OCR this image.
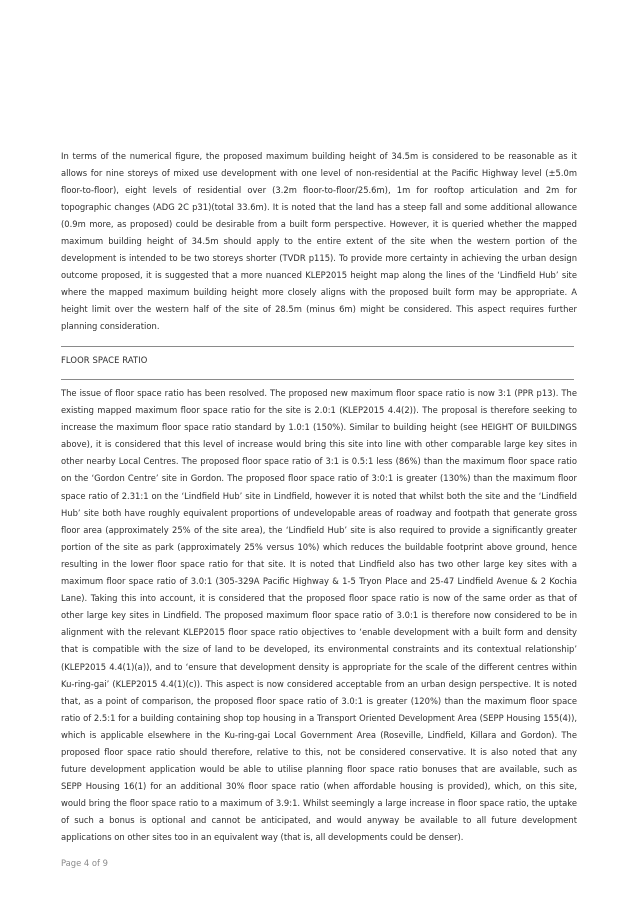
In terms of the numerical figure, the proposed maximum building height of 34.5m is considered to be reasonable as it allows for nine storeys of mixed use development with one level of non-residential at the Pacific Highway level (±5.0m floor-to-floor), eight levels of residential over (3.2m floor-to-floor/25.6m), 1m for rooftop articulation and 2m for topographic changes (ADG 2C p31)(total 33.6m). It is noted that the land has a steep fall and some additional allowance (0.9m more, as proposed) could be desirable from a built form perspective. However, it is queried whether the mapped maximum building height of 34.5m should apply to the entire extent of the site when the western portion of the development is intended to be two storeys shorter (TVDR p115). To provide more certainty in achieving the urban design outcome proposed, it is suggested that a more nuanced KLEP2015 height map along the lines of the ‘Lindfield Hub’ site where the mapped maximum building height more closely aligns with the proposed built form may be appropriate. A height limit over the western half of the site of 28.5m (minus 6m) might be considered. This aspect requires further planning consideration.

FLOOR SPACE RATIO

The issue of floor space ratio has been resolved. The proposed new maximum floor space ratio is now 3:1 (PPR p13). The existing mapped maximum floor space ratio for the site is 2.0:1 (KLEP2015 4.4(2)). The proposal is therefore seeking to increase the maximum floor space ratio standard by 1.0:1 (150%). Similar to building height (see HEIGHT OF BUILDINGS above), it is considered that this level of increase would bring this site into line with other comparable large key sites in other nearby Local Centres. The proposed floor space ratio of 3:1 is 0.5:1 less (86%) than the maximum floor space ratio on the ‘Gordon Centre’ site in Gordon. The proposed floor space ratio of 3:0:1 is greater (130%) than the maximum floor space ratio of 2.31:1 on the ‘Lindfield Hub’ site in Lindfield, however it is noted that whilst both the site and the ‘Lindfield Hub’ site both have roughly equivalent proportions of undevelopable areas of roadway and footpath that generate gross floor area (approximately 25% of the site area), the ‘Lindfield Hub’ site is also required to provide a significantly greater portion of the site as park (approximately 25% versus 10%) which reduces the buildable footprint above ground, hence resulting in the lower floor space ratio for that site. It is noted that Lindfield also has two other large key sites with a maximum floor space ratio of 3.0:1 (305-329A Pacific Highway & 1-5 Tryon Place and 25-47 Lindfield Avenue & 2 Kochia Lane). Taking this into account, it is considered that the proposed floor space ratio is now of the same order as that of other large key sites in Lindfield. The proposed maximum floor space ratio of 3.0:1 is therefore now considered to be in alignment with the relevant KLEP2015 floor space ratio objectives to ‘enable development with a built form and density that is compatible with the size of land to be developed, its environmental constraints and its contextual relationship’ (KLEP2015 4.4(1)(a)), and to ‘ensure that development density is appropriate for the scale of the different centres within Ku-ring-gai’ (KLEP2015 4.4(1)(c)). This aspect is now considered acceptable from an urban design perspective. It is noted that, as a point of comparison, the proposed floor space ratio of 3.0:1 is greater (120%) than the maximum floor space ratio of 2.5:1 for a building containing shop top housing in a Transport Oriented Development Area (SEPP Housing 155(4)), which is applicable elsewhere in the Ku-ring-gai Local Government Area (Roseville, Lindfield, Killara and Gordon). The proposed floor space ratio should therefore, relative to this, not be considered conservative. It is also noted that any future development application would be able to utilise planning floor space ratio bonuses that are available, such as SEPP Housing 16(1) for an additional 30% floor space ratio (when affordable housing is provided), which, on this site, would bring the floor space ratio to a maximum of 3.9:1. Whilst seemingly a large increase in floor space ratio, the uptake of such a bonus is optional and cannot be anticipated, and would anyway be available to all future development applications on other sites too in an equivalent way (that is, all developments could be denser).

Page 4 of 9
